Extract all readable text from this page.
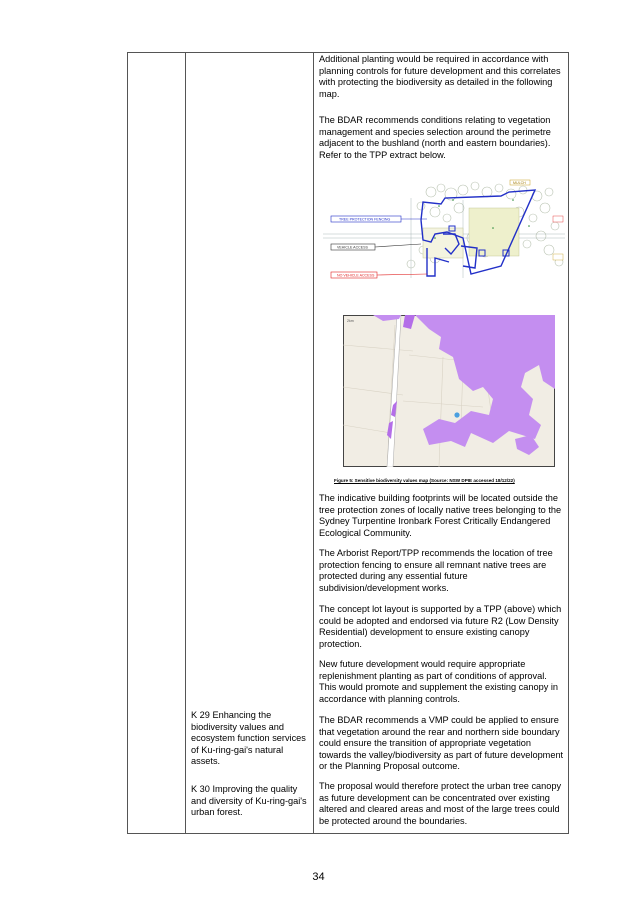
K 29 Enhancing the biodiversity values and ecosystem function services of Ku-ring-gai's natural assets.

K 30 Improving the quality and diversity of Ku-ring-gai's urban forest.

Additional planting would be required in accordance with planning controls for future development and this correlates with protecting the biodiversity as detailed in the following map.

The BDAR recommends conditions relating to vegetation management and species selection around the perimetre adjacent to the bushland (north and eastern boundaries). Refer to the TPP extract below.

TREE PROTECTION FENCING
VEHICLE ACCESS
NO VEHICLE ACCESS
MULCH
2km
Figure 5: Sensitive biodiversity values map (Source: NSW DPIE accessed 18/12/22)

The indicative building footprints will be located outside the tree protection zones of locally native trees belonging to the Sydney Turpentine Ironbark Forest Critically Endangered Ecological Community.

The Arborist Report/TPP recommends the location of tree protection fencing to ensure all remnant native trees are protected during any essential future subdivision/development works.

The concept lot layout is supported by a TPP (above) which could be adopted and endorsed via future R2 (Low Density Residential) development to ensure existing canopy protection.

New future development would require appropriate replenishment planting as part of conditions of approval. This would promote and supplement the existing canopy in accordance with planning controls.

The BDAR recommends a VMP could be applied to ensure that vegetation around the rear and northern side boundary could ensure the transition of appropriate vegetation towards the valley/biodiversity as part of future development or the Planning Proposal outcome.

The proposal would therefore protect the urban tree canopy as future development can be concentrated over existing altered and cleared areas and most of the large trees could be protected around the boundaries.

34
